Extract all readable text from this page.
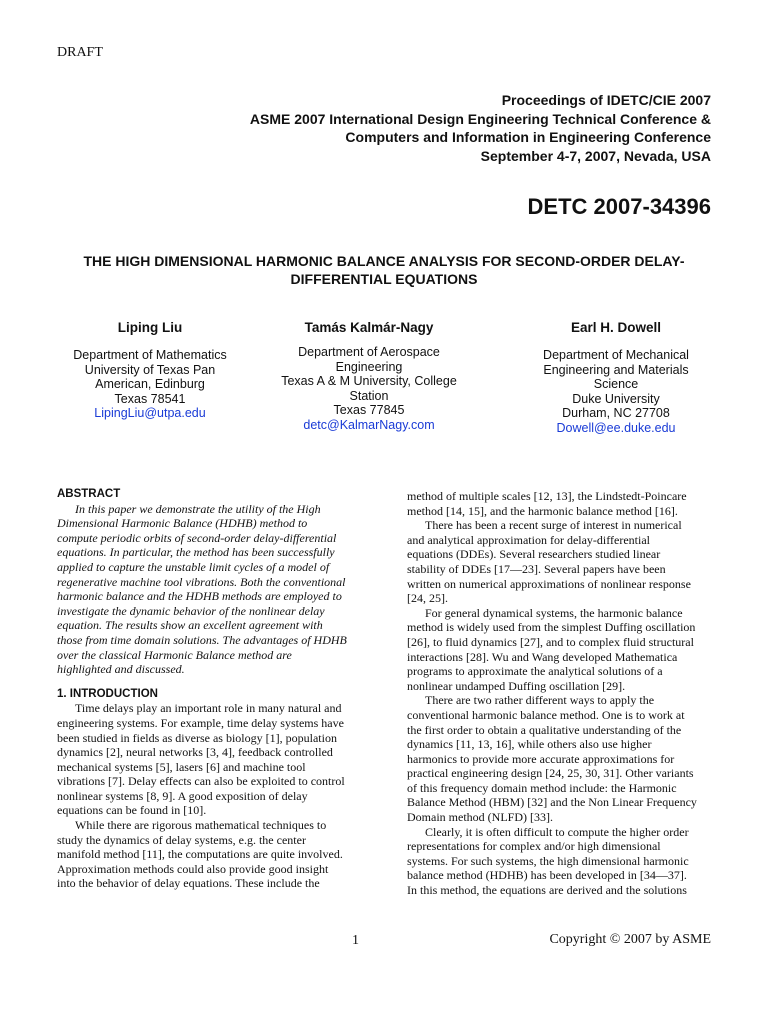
DRAFT
Proceedings of IDETC/CIE 2007
ASME 2007 International Design Engineering Technical Conference &
Computers and Information in Engineering Conference
September 4-7, 2007, Nevada, USA
DETC 2007-34396
THE HIGH DIMENSIONAL HARMONIC BALANCE ANALYSIS FOR SECOND-ORDER DELAY-
DIFFERENTIAL EQUATIONS
Liping Liu
Department of Mathematics
University of Texas Pan
American, Edinburg
Texas 78541
LipingLiu@utpa.edu
Tamás Kalmár-Nagy
Department of Aerospace
Engineering
Texas A & M University, College
Station
Texas 77845
detc@KalmarNagy.com
Earl H. Dowell
Department of Mechanical
Engineering and Materials
Science
Duke University
Durham, NC 27708
Dowell@ee.duke.edu
ABSTRACT
In this paper we demonstrate the utility of the High
Dimensional Harmonic Balance (HDHB) method to
compute periodic orbits of second-order delay-differential
equations. In particular, the method has been successfully
applied to capture the unstable limit cycles of a model of
regenerative machine tool vibrations. Both the conventional
harmonic balance and the HDHB methods are employed to
investigate the dynamic behavior of the nonlinear delay
equation. The results show an excellent agreement with
those from time domain solutions. The advantages of HDHB
over the classical Harmonic Balance method are
highlighted and discussed.
1. INTRODUCTION
Time delays play an important role in many natural and
engineering systems. For example, time delay systems have
been studied in fields as diverse as biology [1], population
dynamics [2], neural networks [3, 4], feedback controlled
mechanical systems [5], lasers [6] and machine tool
vibrations [7]. Delay effects can also be exploited to control
nonlinear systems [8, 9]. A good exposition of delay
equations can be found in [10].
While there are rigorous mathematical techniques to
study the dynamics of delay systems, e.g. the center
manifold method [11], the computations are quite involved.
Approximation methods could also provide good insight
into the behavior of delay equations. These include the
method of multiple scales [12, 13], the Lindstedt-Poincare
method [14, 15], and the harmonic balance method [16].
There has been a recent surge of interest in numerical
and analytical approximation for delay-differential
equations (DDEs). Several researchers studied linear
stability of DDEs [17—23]. Several papers have been
written on numerical approximations of nonlinear response
[24, 25].
For general dynamical systems, the harmonic balance
method is widely used from the simplest Duffing oscillation
[26], to fluid dynamics [27], and to complex fluid structural
interactions [28]. Wu and Wang developed Mathematica
programs to approximate the analytical solutions of a
nonlinear undamped Duffing oscillation [29].
There are two rather different ways to apply the
conventional harmonic balance method. One is to work at
the first order to obtain a qualitative understanding of the
dynamics [11, 13, 16], while others also use higher
harmonics to provide more accurate approximations for
practical engineering design [24, 25, 30, 31]. Other variants
of this frequency domain method include: the Harmonic
Balance Method (HBM) [32] and the Non Linear Frequency
Domain method (NLFD) [33].
Clearly, it is often difficult to compute the higher order
representations for complex and/or high dimensional
systems. For such systems, the high dimensional harmonic
balance method (HDHB) has been developed in [34—37].
In this method, the equations are derived and the solutions
1	Copyright © 2007 by ASME
